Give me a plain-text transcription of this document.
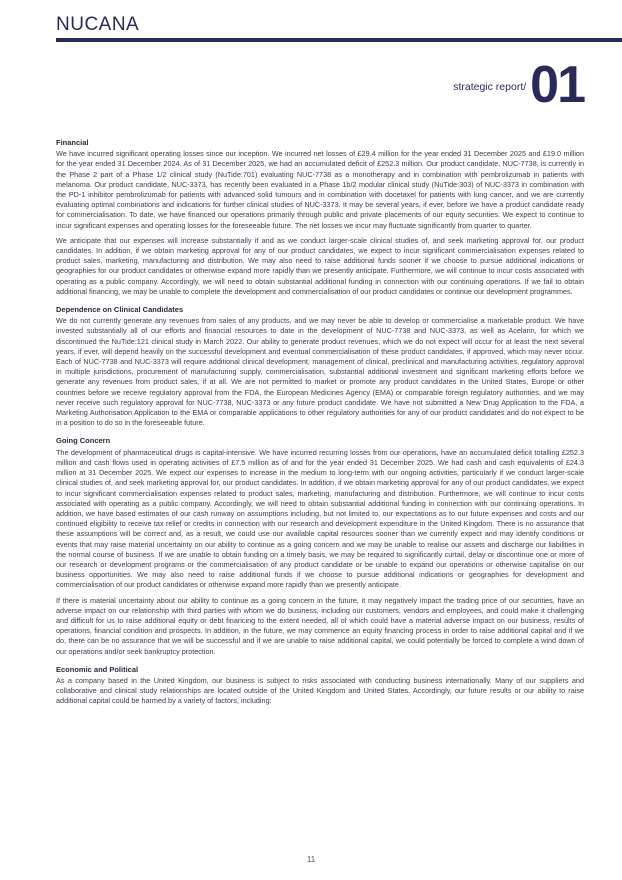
NUCANA
strategic report/ 01
Financial

We have incurred significant operating losses since our inception. We incurred net losses of £29.4 million for the year ended 31 December 2025 and £19.0 million for the year ended 31 December 2024. As of 31 December 2025, we had an accumulated deficit of £252.3 million. Our product candidate, NUC-7738, is currently in the Phase 2 part of a Phase 1/2 clinical study (NuTide:701) evaluating NUC-7738 as a monotherapy and in combination with pembrolizumab in patients with melanoma. Our product candidate, NUC-3373, has recently been evaluated in a Phase 1b/2 modular clinical study (NuTide:303) of NUC-3373 in combination with the PD-1 inhibitor pembrolizumab for patients with advanced solid tumours and in combination with docetaxel for patients with lung cancer, and we are currently evaluating optimal combinations and indications for further clinical studies of NUC-3373. It may be several years, if ever, before we have a product candidate ready for commercialisation. To date, we have financed our operations primarily through public and private placements of our equity securities. We expect to continue to incur significant expenses and operating losses for the foreseeable future. The net losses we incur may fluctuate significantly from quarter to quarter.

We anticipate that our expenses will increase substantially if and as we conduct larger-scale clinical studies of, and seek marketing approval for, our product candidates. In addition, if we obtain marketing approval for any of our product candidates, we expect to incur significant commercialisation expenses related to product sales, marketing, manufacturing and distribution. We may also need to raise additional funds sooner if we choose to pursue additional indications or geographies for our product candidates or otherwise expand more rapidly than we presently anticipate. Furthermore, we will continue to incur costs associated with operating as a public company. Accordingly, we will need to obtain substantial additional funding in connection with our continuing operations. If we fail to obtain additional financing, we may be unable to complete the development and commercialisation of our product candidates or continue our development programmes.

Dependence on Clinical Candidates

We do not currently generate any revenues from sales of any products, and we may never be able to develop or commercialise a marketable product. We have invested substantially all of our efforts and financial resources to date in the development of NUC-7738 and NUC-3373, as well as Acelarin, for which we discontinued the NuTide:121 clinical study in March 2022. Our ability to generate product revenues, which we do not expect will occur for at least the next several years, if ever, will depend heavily on the successful development and eventual commercialisation of these product candidates, if approved, which may never occur. Each of NUC-7738 and NUC-3373 will require additional clinical development, management of clinical, preclinical and manufacturing activities, regulatory approval in multiple jurisdictions, procurement of manufacturing supply, commercialisation, substantial additional investment and significant marketing efforts before we generate any revenues from product sales, if at all. We are not permitted to market or promote any product candidates in the United States, Europe or other countries before we receive regulatory approval from the FDA, the European Medicines Agency (EMA) or comparable foreign regulatory authorities, and we may never receive such regulatory approval for NUC-7738, NUC-3373 or any future product candidate. We have not submitted a New Drug Application to the FDA, a Marketing Authorisation Application to the EMA or comparable applications to other regulatory authorities for any of our product candidates and do not expect to be in a position to do so in the foreseeable future.

Going Concern

The development of pharmaceutical drugs is capital-intensive. We have incurred recurring losses from our operations, have an accumulated deficit totalling £252.3 million and cash flows used in operating activities of £7.5 million as of and for the year ended 31 December 2025. We had cash and cash equivalents of £24.3 million at 31 December 2025. We expect our expenses to increase in the medium to long-term with our ongoing activities, particularly if we conduct larger-scale clinical studies of, and seek marketing approval for, our product candidates. In addition, if we obtain marketing approval for any of our product candidates, we expect to incur significant commercialisation expenses related to product sales, marketing, manufacturing and distribution. Furthermore, we will continue to incur costs associated with operating as a public company. Accordingly, we will need to obtain substantial additional funding in connection with our continuing operations. In addition, we have based estimates of our cash runway on assumptions including, but not limited to, our expectations as to our future expenses and costs and our continued eligibility to receive tax relief or credits in connection with our research and development expenditure in the United Kingdom. There is no assurance that these assumptions will be correct and, as a result, we could use our available capital resources sooner than we currently expect and may identify conditions or events that may raise material uncertainty on our ability to continue as a going concern and we may be unable to realise our assets and discharge our liabilities in the normal course of business. If we are unable to obtain funding on a timely basis, we may be required to significantly curtail, delay or discontinue one or more of our research or development programs or the commercialisation of any product candidate or be unable to expand our operations or otherwise capitalise on our business opportunities. We may also need to raise additional funds if we choose to pursue additional indications or geographies for development and commercialisation of our product candidates or otherwise expand more rapidly than we presently anticipate.

If there is material uncertainty about our ability to continue as a going concern in the future, it may negatively impact the trading price of our securities, have an adverse impact on our relationship with third parties with whom we do business, including our customers, vendors and employees, and could make it challenging and difficult for us to raise additional equity or debt financing to the extent needed, all of which could have a material adverse impact on our business, results of operations, financial condition and prospects. In addition, in the future, we may commence an equity financing process in order to raise additional capital and if we do, there can be no assurance that we will be successful and if we are unable to raise additional capital, we could potentially be forced to complete a wind down of our operations and/or seek bankruptcy protection.

Economic and Political

As a company based in the United Kingdom, our business is subject to risks associated with conducting business internationally. Many of our suppliers and collaborative and clinical study relationships are located outside of the United Kingdom and United States. Accordingly, our future results or our ability to raise additional capital could be harmed by a variety of factors, including:

11
